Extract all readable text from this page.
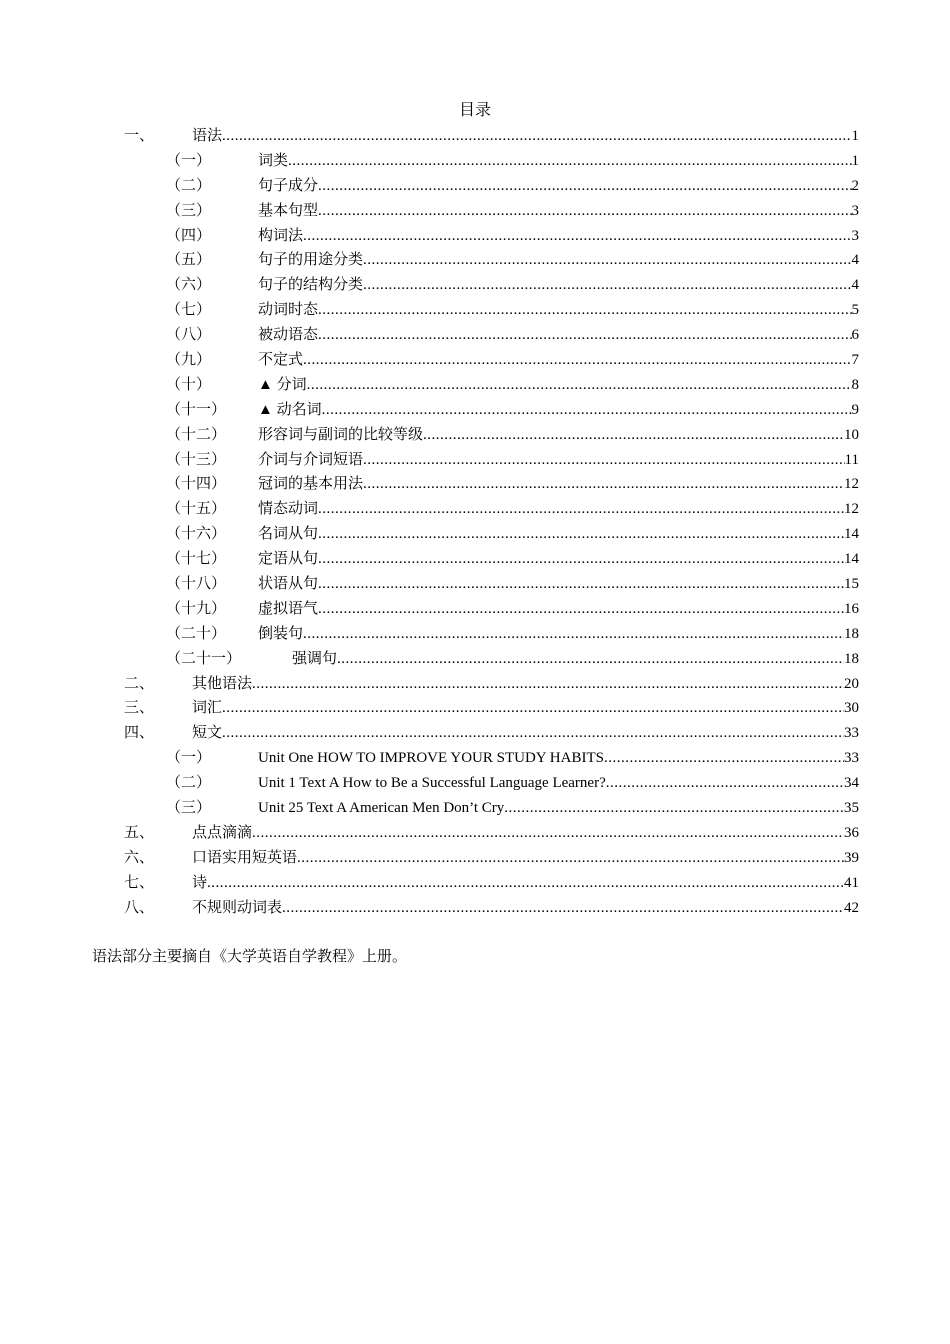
目录
一、	语法 .....	1
（一）	词类 .....	1
（二）	句子成分 .....	2
（三）	基本句型 .....	3
（四）	构词法 .....	3
（五）	句子的用途分类 .....	4
（六）	句子的结构分类 .....	4
（七）	动词时态 .....	5
（八）	被动语态 .....	6
（九）	不定式 .....	7
（十）	▲ 分词 .....	8
（十一） ▲ 动名词 .....	9
（十二） 形容词与副词的比较等级 .....	10
（十三） 介词与介词短语 .....	11
（十四） 冠词的基本用法 .....	12
（十五） 情态动词 .....	12
（十六） 名词从句 .....	14
（十七） 定语从句 .....	14
（十八） 状语从句 .....	15
（十九） 虚拟语气 .....	16
（二十） 倒装句 .....	18
（二十一）	强调句 .....	18
二、	其他语法 .....	20
三、	词汇 .....	30
四、	短文 .....	33
（一）	Unit One HOW TO IMPROVE YOUR STUDY HABITS .....	33
（二）	Unit 1 Text A How to Be a Successful Language Learner? .....	34
（三）	Unit 25 Text A American Men Don’t Cry .....	35
五、	点点滴滴 .....	36
六、	口语实用短英语 .....	39
七、	诗 .....	41
八、	不规则动词表 .....	42
语法部分主要摘自《大学英语自学教程》上册。
